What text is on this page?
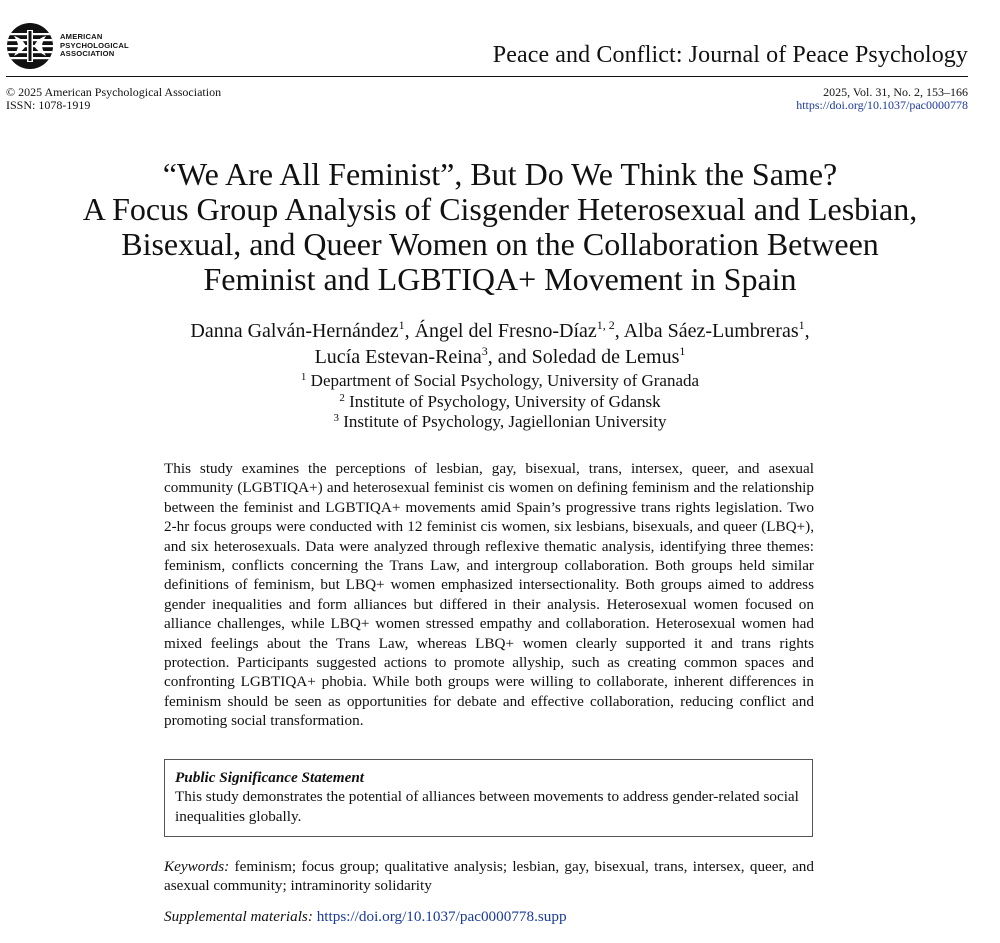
AMERICAN
PSYCHOLOGICAL
ASSOCIATION	Peace and Conflict: Journal of Peace Psychology
© 2025 American Psychological Association
ISSN: 1078-1919
2025, Vol. 31, No. 2, 153–166
https://doi.org/10.1037/pac0000778
“We Are All Feminist”, But Do We Think the Same?
A Focus Group Analysis of Cisgender Heterosexual and Lesbian,
Bisexual, and Queer Women on the Collaboration Between
Feminist and LGBTIQA+ Movement in Spain
Danna Galván-Hernández$^1$, Ángel del Fresno-Díaz$^{1, 2}$, Alba Sáez-Lumbreras$^1$,
Lucía Estevan-Reina$^3$, and Soledad de Lemus$^1$
$^1$ Department of Social Psychology, University of Granada
$^2$ Institute of Psychology, University of Gdansk
$^3$ Institute of Psychology, Jagiellonian University

This study examines the perceptions of lesbian, gay, bisexual, trans, intersex, queer, and asexual community (LGBTIQA+) and heterosexual feminist cis women on defining feminism and the relationship between the feminist and LGBTIQA+ movements amid Spain’s progressive trans rights legislation. Two 2-hr focus groups were conducted with 12 feminist cis women, six lesbians, bisexuals, and queer (LBQ+), and six heterosexuals. Data were analyzed through reflexive thematic analysis, identifying three themes: feminism, conflicts concerning the Trans Law, and intergroup collaboration. Both groups held similar definitions of feminism, but LBQ+ women emphasized intersectionality. Both groups aimed to address gender inequalities and form alliances but differed in their analysis. Heterosexual women focused on alliance challenges, while LBQ+ women stressed empathy and collaboration. Heterosexual women had mixed feelings about the Trans Law, whereas LBQ+ women clearly supported it and trans rights protection. Participants suggested actions to promote allyship, such as creating common spaces and confronting LGBTIQA+ phobia. While both groups were willing to collaborate, inherent differences in feminism should be seen as opportunities for debate and effective collaboration, reducing conflict and promoting social transformation.

Public Significance Statement
This study demonstrates the potential of alliances between movements to address gender-related social inequalities globally.
Keywords: feminism; focus group; qualitative analysis; lesbian, gay, bisexual, trans, intersex, queer, and asexual community; intraminority solidarity
Supplemental materials: https://doi.org/10.1037/pac0000778.supp
